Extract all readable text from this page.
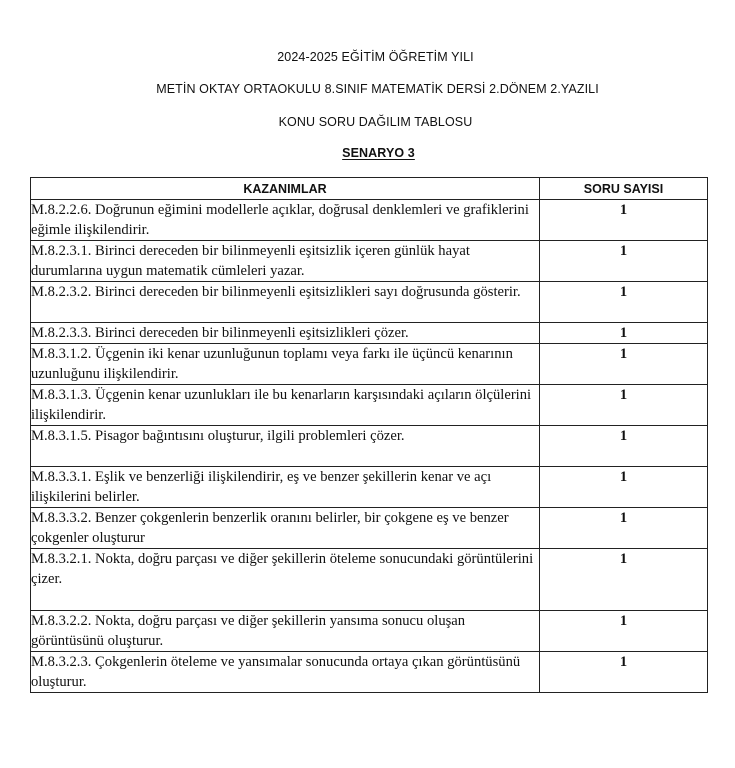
2024-2025 EĞİTİM ÖĞRETİM YILI
METİN OKTAY ORTAOKULU 8.SINIF MATEMATİK DERSİ 2.DÖNEM 2.YAZILI
KONU SORU DAĞILIM TABLOSU
SENARYO 3
KAZANIMLAR	SORU SAYISI
M.8.2.2.6. Doğrunun eğimini modellerle açıklar, doğrusal denklemleri ve grafiklerini eğimle ilişkilendirir.	1
M.8.2.3.1. Birinci dereceden bir bilinmeyenli eşitsizlik içeren günlük hayat durumlarına uygun matematik cümleleri yazar.	1
M.8.2.3.2. Birinci dereceden bir bilinmeyenli eşitsizlikleri sayı doğrusunda gösterir.	1
M.8.2.3.3. Birinci dereceden bir bilinmeyenli eşitsizlikleri çözer.	1
M.8.3.1.2. Üçgenin iki kenar uzunluğunun toplamı veya farkı ile üçüncü kenarının uzunluğunu ilişkilendirir.	1
M.8.3.1.3. Üçgenin kenar uzunlukları ile bu kenarların karşısındaki açıların ölçülerini ilişkilendirir.	1
M.8.3.1.5. Pisagor bağıntısını oluşturur, ilgili problemleri çözer.	1
M.8.3.3.1. Eşlik ve benzerliği ilişkilendirir, eş ve benzer şekillerin kenar ve açı ilişkilerini belirler.	1
M.8.3.3.2. Benzer çokgenlerin benzerlik oranını belirler, bir çokgene eş ve benzer çokgenler oluşturur	1
M.8.3.2.1. Nokta, doğru parçası ve diğer şekillerin öteleme sonucundaki görüntülerini çizer.	1
M.8.3.2.2. Nokta, doğru parçası ve diğer şekillerin yansıma sonucu oluşan görüntüsünü oluşturur.	1
M.8.3.2.3. Çokgenlerin öteleme ve yansımalar sonucunda ortaya çıkan görüntüsünü oluşturur.	1
